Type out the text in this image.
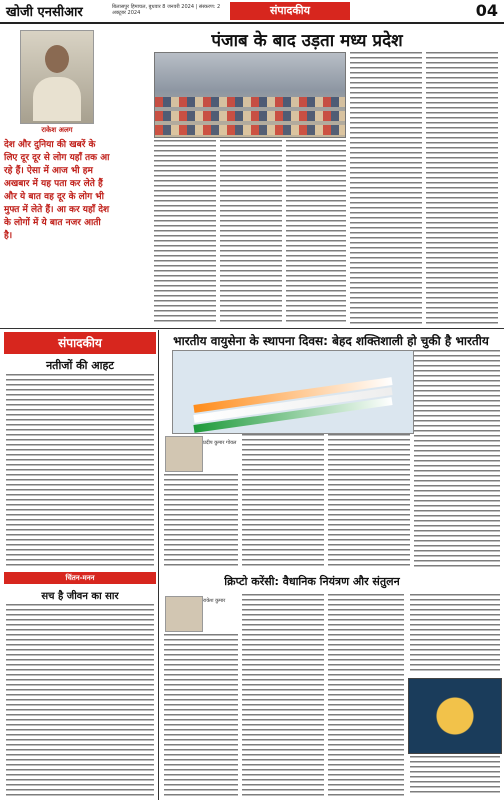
खोजी एनसीआर	बिलासपुर हिमाचल, बुधवार 8 जनवरी 2024 | संस्करण: 2 अक्टूबर 2024	संपादकीय	04
राकेश अलग
देश और दुनिया की खबरें के लिए दूर दूर से लोग यहाँ तक आ रहे हैं। ऐसा में आज भी हम अखबार में यह पता कर लेते हैं और ये बात वह दूर के लोग भी मुफ्त में लेते हैं। आ कर यहाँ देश के लोगों में ये बात नजर आती है।
पंजाब के बाद उड़ता मध्य प्रदेश
संपादकीय
नतीजों की आहट
चिंतन-मनन
सच है जीवन का सार
भारतीय वायुसेना के स्थापना दिवस: बेहद शक्तिशाली हो चुकी है भारतीय
प्रदीप कुमार गोयल
क्रिप्टो करेंसी: वैधानिक नियंत्रण और संतुलन
राकेश कुमार
